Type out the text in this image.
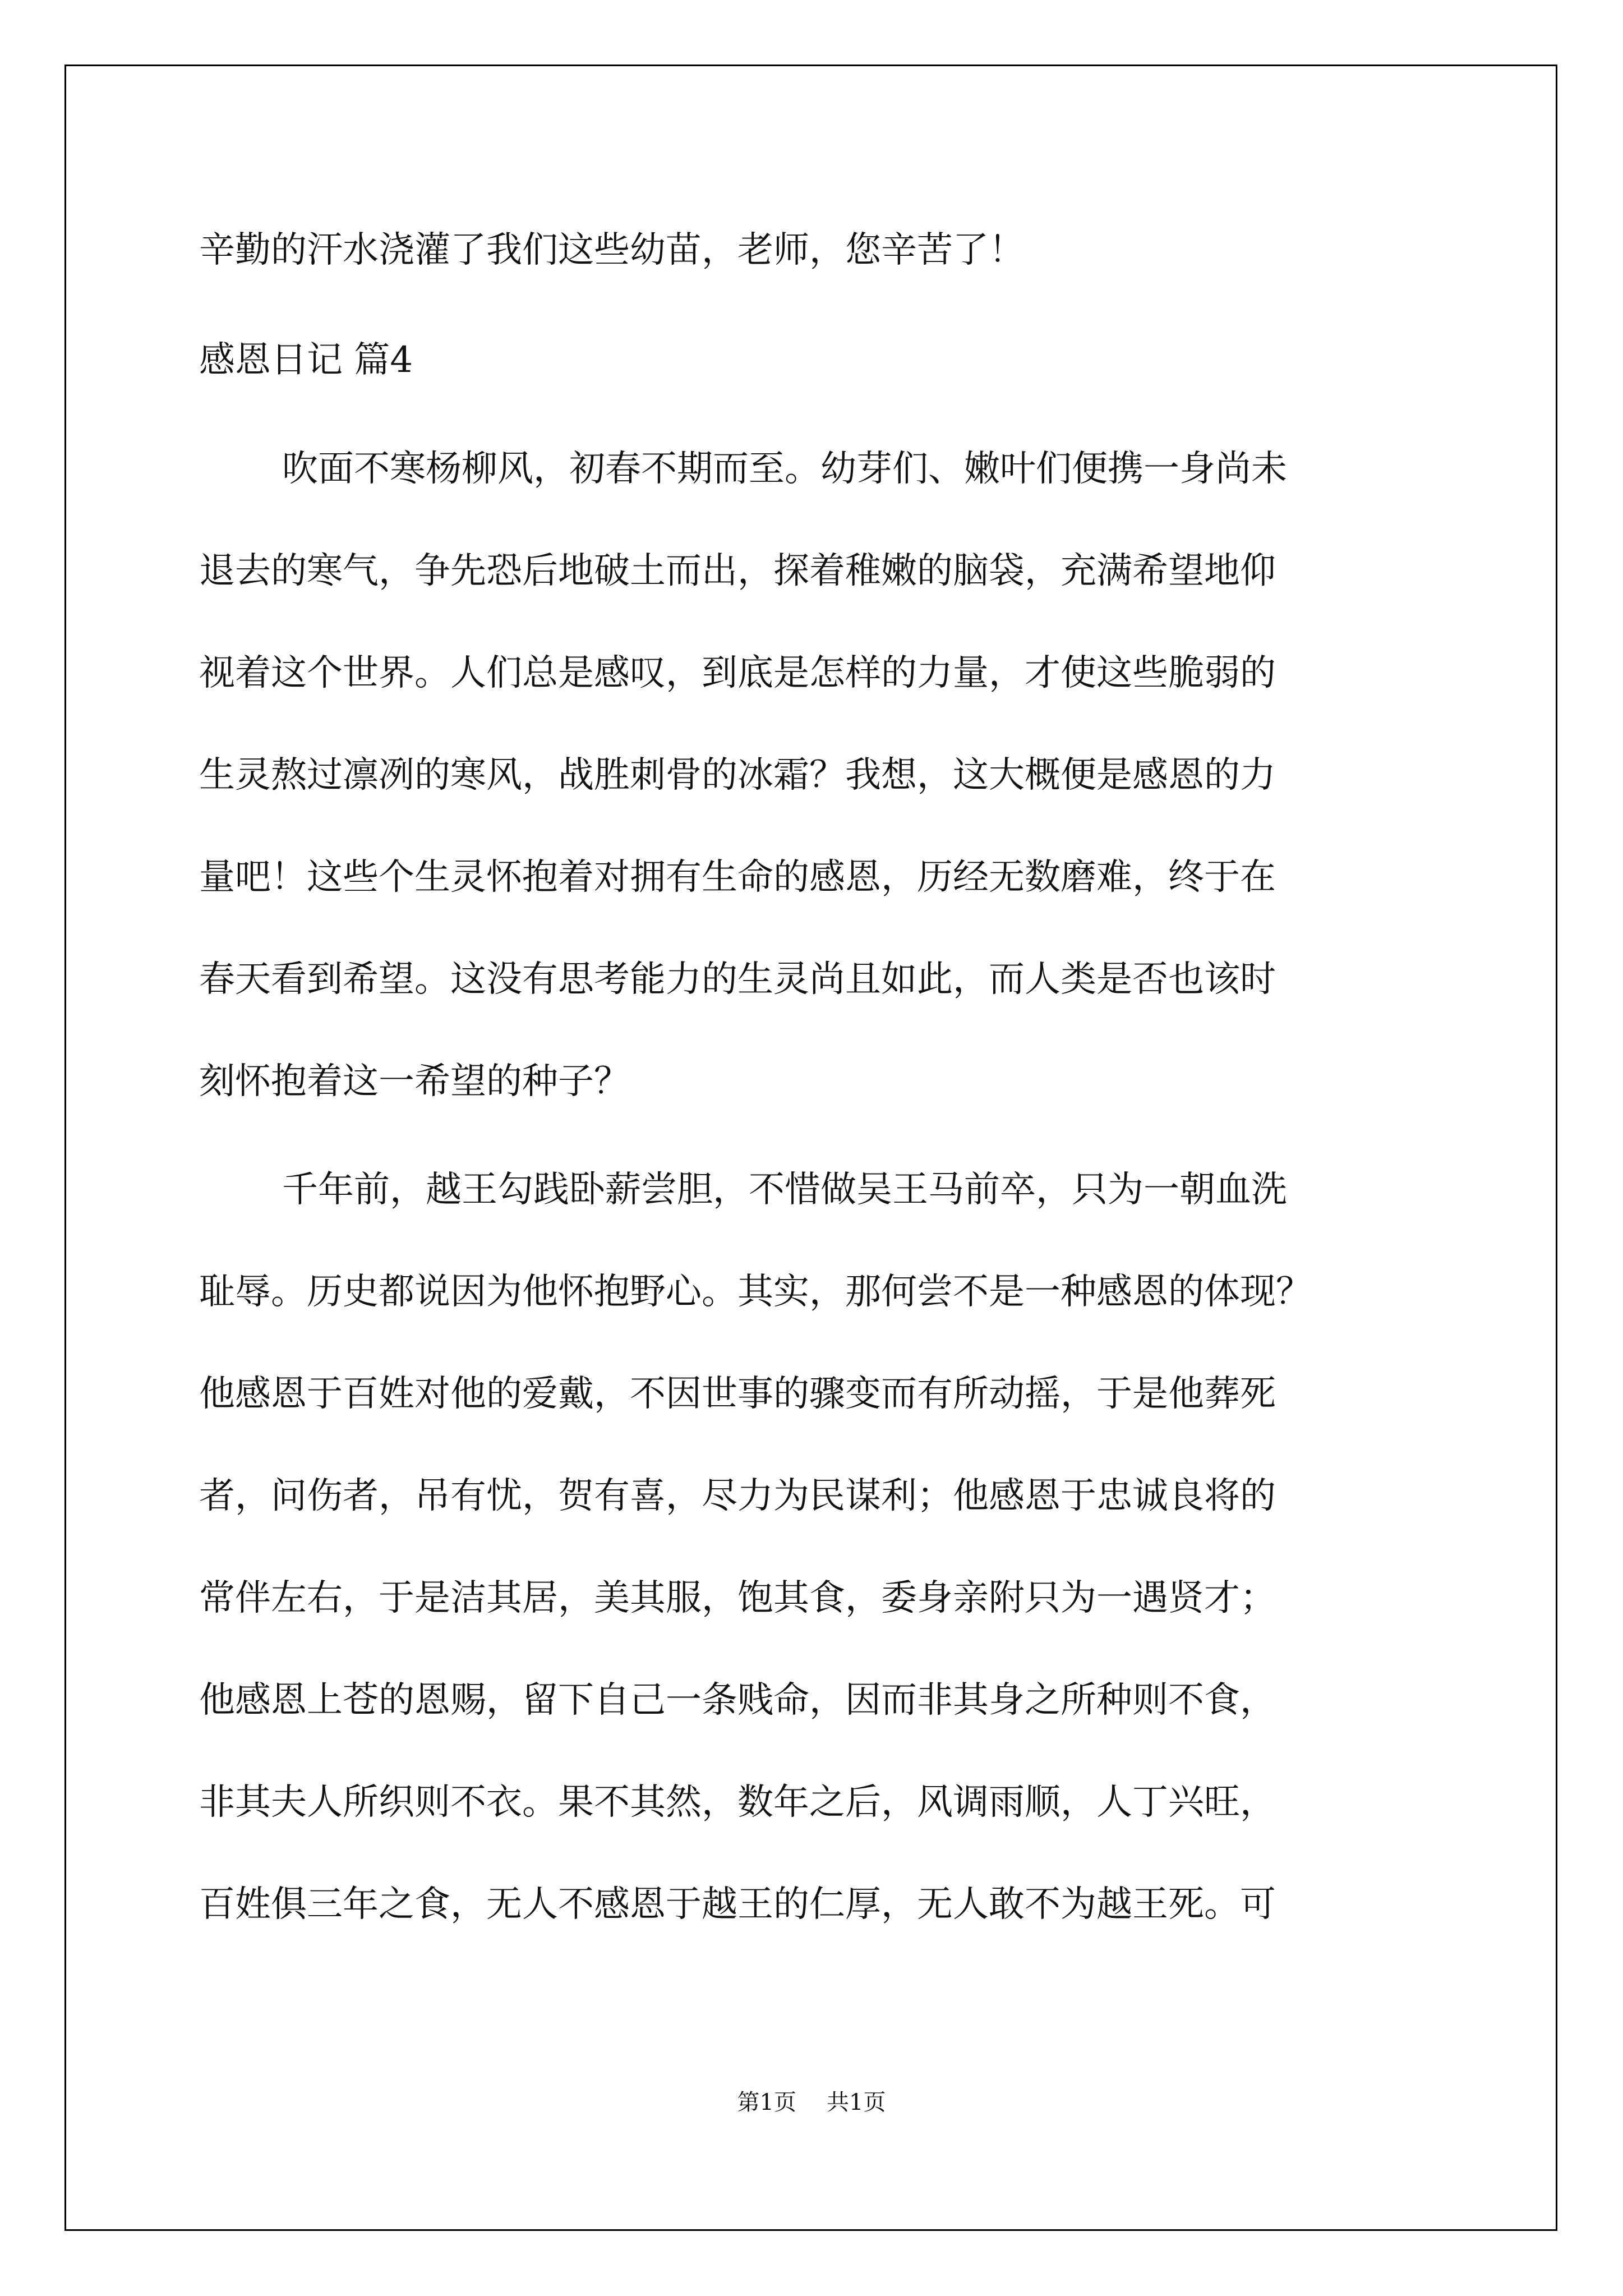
辛勤的汗水浇灌了我们这些幼苗，老师，您辛苦了！
感恩日记 篇4
吹面不寒杨柳风，初春不期而至。幼芽们、嫩叶们便携一身尚未
退去的寒气，争先恐后地破土而出，探着稚嫩的脑袋，充满希望地仰
视着这个世界。人们总是感叹，到底是怎样的力量，才使这些脆弱的
生灵熬过凛冽的寒风，战胜刺骨的冰霜？我想，这大概便是感恩的力
量吧！这些个生灵怀抱着对拥有生命的感恩，历经无数磨难，终于在
春天看到希望。这没有思考能力的生灵尚且如此，而人类是否也该时
刻怀抱着这一希望的种子？
千年前，越王勾践卧薪尝胆，不惜做吴王马前卒，只为一朝血洗
耻辱。历史都说因为他怀抱野心。其实，那何尝不是一种感恩的体现？
他感恩于百姓对他的爱戴，不因世事的骤变而有所动摇，于是他葬死
者，问伤者，吊有忧，贺有喜，尽力为民谋利；他感恩于忠诚良将的
常伴左右，于是洁其居，美其服，饱其食，委身亲附只为一遇贤才；
他感恩上苍的恩赐，留下自己一条贱命，因而非其身之所种则不食，
非其夫人所织则不衣。果不其然，数年之后，风调雨顺，人丁兴旺，
百姓俱三年之食，无人不感恩于越王的仁厚，无人敢不为越王死。可
第1页 共1页
